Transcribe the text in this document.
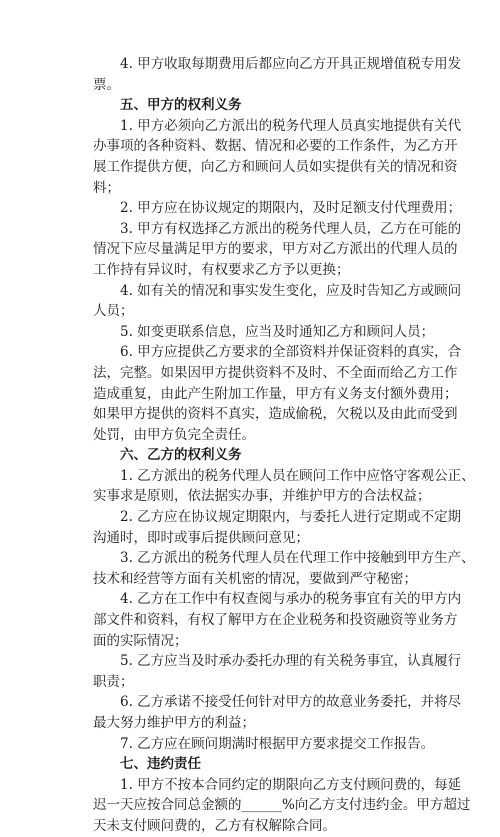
4. 甲方收取每期费用后都应向乙方开具正规增值税专用发

票。

五、甲方的权利义务

1. 甲方必须向乙方派出的税务代理人员真实地提供有关代

办事项的各种资料、数据、情况和必要的工作条件，为乙方开

展工作提供方便，向乙方和顾问人员如实提供有关的情况和资

料；

2. 甲方应在协议规定的期限内，及时足额支付代理费用；

3. 甲方有权选择乙方派出的税务代理人员，乙方在可能的

情况下应尽量满足甲方的要求，甲方对乙方派出的代理人员的

工作持有异议时，有权要求乙方予以更换；

4. 如有关的情况和事实发生变化，应及时告知乙方或顾问

人员；

5. 如变更联系信息，应当及时通知乙方和顾问人员；

6. 甲方应提供乙方要求的全部资料并保证资料的真实，合

法，完整。如果因甲方提供资料不及时、不全面而给乙方工作

造成重复，由此产生附加工作量，甲方有义务支付额外费用；

如果甲方提供的资料不真实，造成偷税，欠税以及由此而受到

处罚，由甲方负完全责任。

六、乙方的权利义务

1. 乙方派出的税务代理人员在顾问工作中应恪守客观公正、

实事求是原则，依法据实办事，并维护甲方的合法权益；

2. 乙方应在协议规定期限内，与委托人进行定期或不定期

沟通时，即时或事后提供顾问意见；

3. 乙方派出的税务代理人员在代理工作中接触到甲方生产、

技术和经营等方面有关机密的情况，要做到严守秘密；

4. 乙方在工作中有权查阅与承办的税务事宜有关的甲方内

部文件和资料，有权了解甲方在企业税务和投资融资等业务方

面的实际情况；

5. 乙方应当及时承办委托办理的有关税务事宜，认真履行

职责；

6. 乙方承诺不接受任何针对甲方的故意业务委托，并将尽

最大努力维护甲方的利益；

7. 乙方应在顾问期满时根据甲方要求提交工作报告。

七、违约责任

1. 甲方不按本合同约定的期限向乙方支付顾问费的，每延

迟一天应按合同总金额的______%向乙方支付违约金。甲方超过

天未支付顾问费的，乙方有权解除合同。
